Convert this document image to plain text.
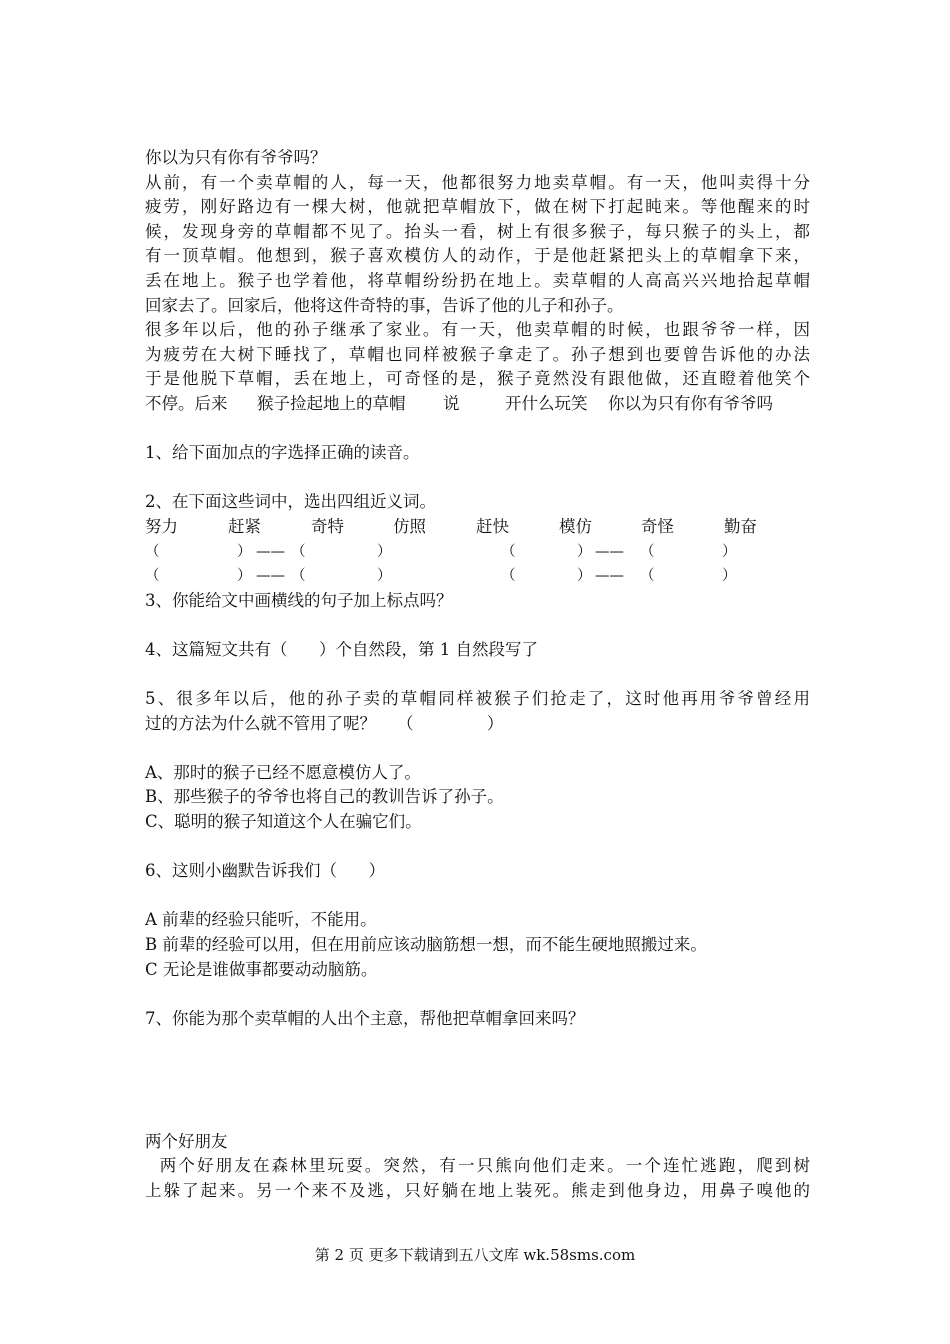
你以为只有你有爷爷吗？
从前，有一个卖草帽的人，每一天，他都很努力地卖草帽。有一天，他叫卖得十分
疲劳，刚好路边有一棵大树，他就把草帽放下，做在树下打起盹来。等他醒来的时
候，发现身旁的草帽都不见了。抬头一看，树上有很多猴子，每只猴子的头上，都
有一顶草帽。他想到，猴子喜欢模仿人的动作，于是他赶紧把头上的草帽拿下来，
丢在地上。猴子也学着他，将草帽纷纷扔在地上。卖草帽的人高高兴兴地拾起草帽
回家去了。回家后，他将这件奇特的事，告诉了他的儿子和孙子。
很多年以后，他的孙子继承了家业。有一天，他卖草帽的时候，也跟爷爷一样，因
为疲劳在大树下睡找了，草帽也同样被猴子拿走了。孙子想到也要曾告诉他的办法
于是他脱下草帽，丢在地上，可奇怪的是，猴子竟然没有跟他做，还直瞪着他笑个
不停。后来 猴子捡起地上的草帽 说	开什么玩笑 你以为只有你有爷爷吗
1、给下面加点的字选择正确的读音。
2、在下面这些词中，选出四组近义词。
努力	赶紧	奇特	仿照	赶快	模仿	奇怪	勤奋
（	） —— （	）	（	） —— （	）
（	） —— （	）	（	） —— （	）
3、你能给文中画横线的句子加上标点吗？
4、这篇短文共有（      ）个自然段，第 1 自然段写了
5、很多年以后，他的孙子卖的草帽同样被猴子们抢走了，这时他再用爷爷曾经用
过的方法为什么就不管用了呢？    （              ）
A、那时的猴子已经不愿意模仿人了。
B、那些猴子的爷爷也将自己的教训告诉了孙子。
C、聪明的猴子知道这个人在骗它们。
6、这则小幽默告诉我们（      ）
A 前辈的经验只能听，不能用。
B 前辈的经验可以用，但在用前应该动脑筋想一想，而不能生硬地照搬过来。
C 无论是谁做事都要动动脑筋。
7、你能为那个卖草帽的人出个主意，帮他把草帽拿回来吗？
两个好朋友
两个好朋友在森林里玩耍。突然，有一只熊向他们走来。一个连忙逃跑，爬到树
上躲了起来。另一个来不及逃，只好躺在地上装死。熊走到他身边，用鼻子嗅他的
第 2 页 更多下载请到五八文库 wk.58sms.com
